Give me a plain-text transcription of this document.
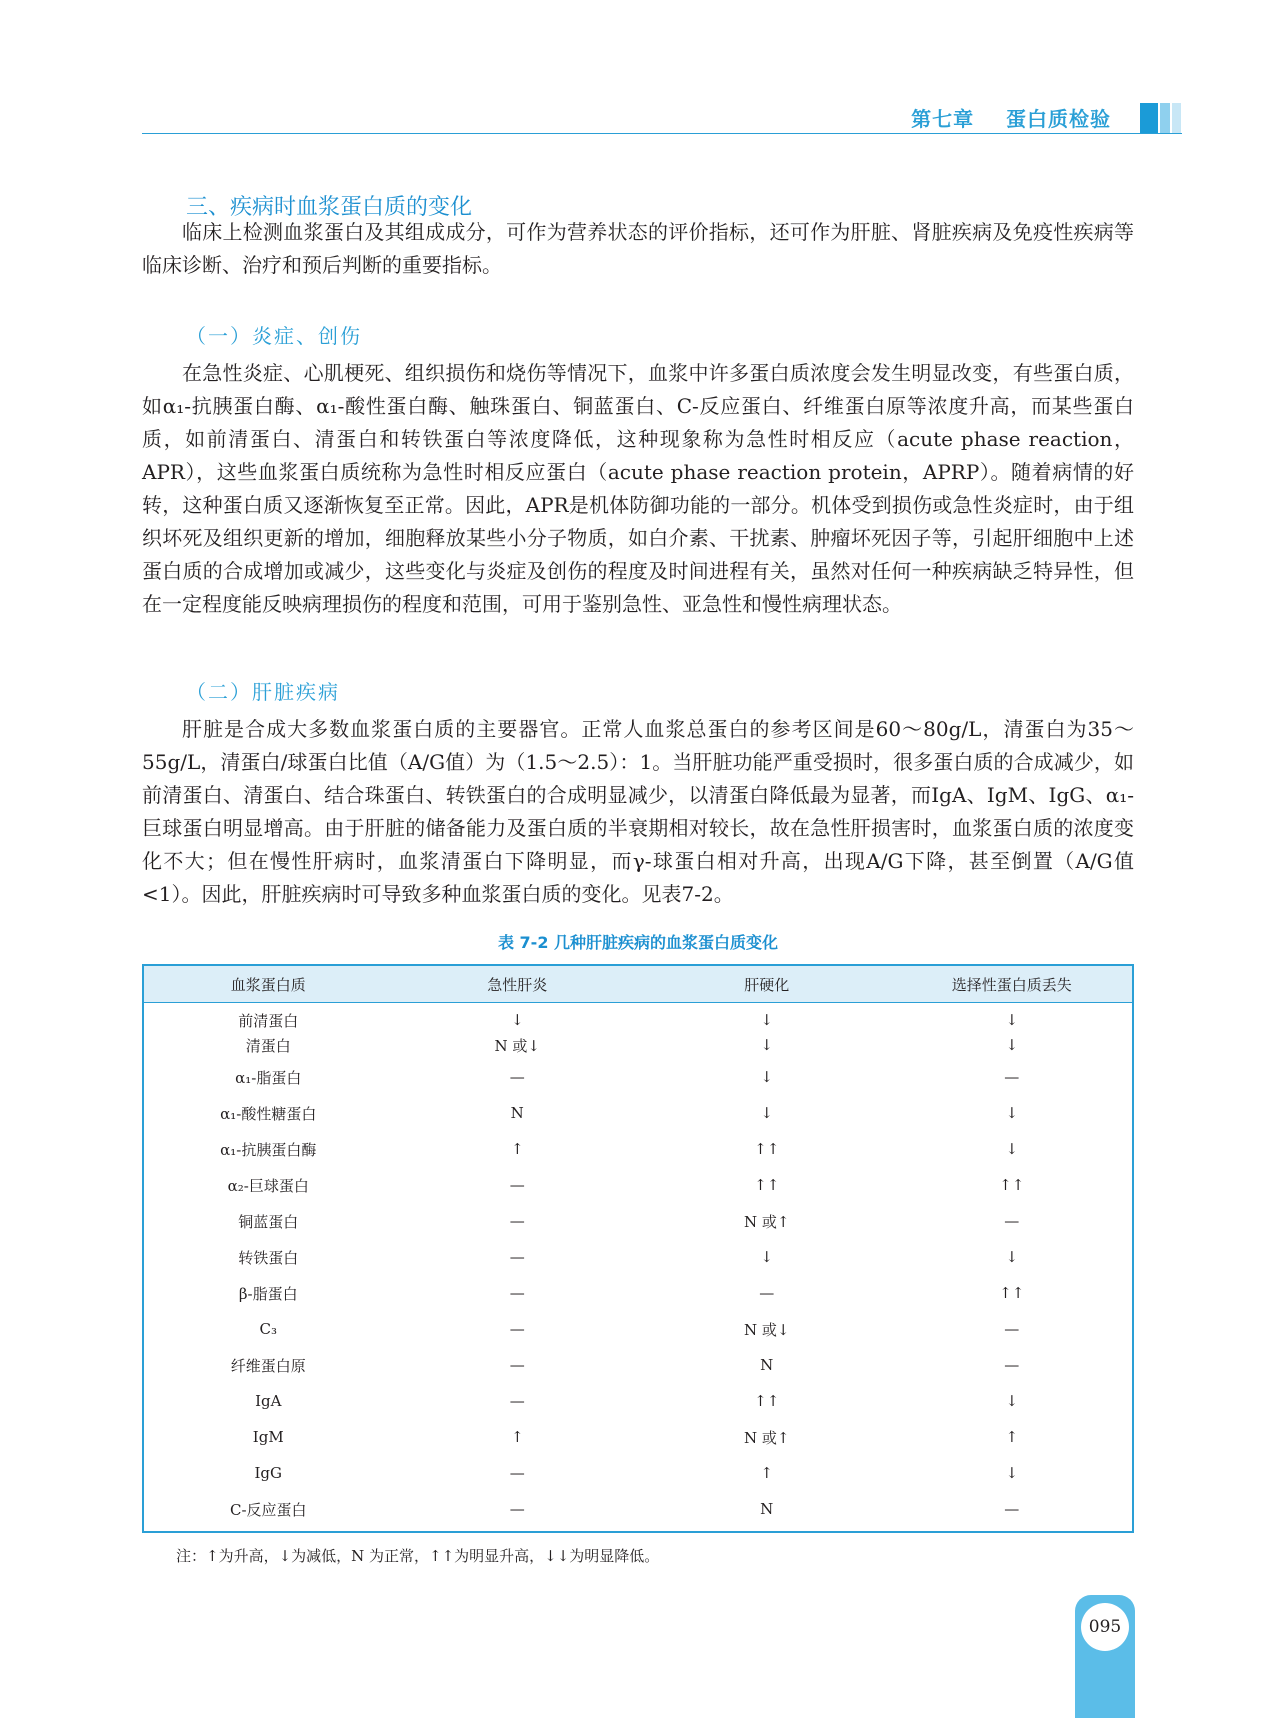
第七章    蛋白质检验
三、疾病时血浆蛋白质的变化

临床上检测血浆蛋白及其组成成分，可作为营养状态的评价指标，还可作为肝脏、肾脏疾病及免疫性疾病等临床诊断、治疗和预后判断的重要指标。

（一）炎症、创伤

在急性炎症、心肌梗死、组织损伤和烧伤等情况下，血浆中许多蛋白质浓度会发生明显改变，有些蛋白质，如α₁-抗胰蛋白酶、α₁-酸性蛋白酶、触珠蛋白、铜蓝蛋白、C-反应蛋白、纤维蛋白原等浓度升高，而某些蛋白质，如前清蛋白、清蛋白和转铁蛋白等浓度降低，这种现象称为急性时相反应（acute phase reaction，APR），这些血浆蛋白质统称为急性时相反应蛋白（acute phase reaction protein，APRP）。随着病情的好转，这种蛋白质又逐渐恢复至正常。因此，APR是机体防御功能的一部分。机体受到损伤或急性炎症时，由于组织坏死及组织更新的增加，细胞释放某些小分子物质，如白介素、干扰素、肿瘤坏死因子等，引起肝细胞中上述蛋白质的合成增加或减少，这些变化与炎症及创伤的程度及时间进程有关，虽然对任何一种疾病缺乏特异性，但在一定程度能反映病理损伤的程度和范围，可用于鉴别急性、亚急性和慢性病理状态。

（二）肝脏疾病

肝脏是合成大多数血浆蛋白质的主要器官。正常人血浆总蛋白的参考区间是60～80g/L，清蛋白为35～55g/L，清蛋白/球蛋白比值（A/G值）为（1.5～2.5）：1。当肝脏功能严重受损时，很多蛋白质的合成减少，如前清蛋白、清蛋白、结合珠蛋白、转铁蛋白的合成明显减少，以清蛋白降低最为显著，而IgA、IgM、IgG、α₁-巨球蛋白明显增高。由于肝脏的储备能力及蛋白质的半衰期相对较长，故在急性肝损害时，血浆蛋白质的浓度变化不大；但在慢性肝病时，血浆清蛋白下降明显，而γ-球蛋白相对升高，出现A/G下降，甚至倒置（A/G值<1）。因此，肝脏疾病时可导致多种血浆蛋白质的变化。见表7-2。

表 7-2 几种肝脏疾病的血浆蛋白质变化
血浆蛋白质	急性肝炎	肝硬化	选择性蛋白质丢失
前清蛋白	↓	↓	↓
清蛋白	N 或↓	↓	↓
α₁-脂蛋白	—	↓	—
α₁-酸性糖蛋白	N	↓	↓
α₁-抗胰蛋白酶	↑	↑↑	↓
α₂-巨球蛋白	—	↑↑	↑↑
铜蓝蛋白	—	N 或↑	—
转铁蛋白	—	↓	↓
β-脂蛋白	—	—	↑↑
C₃	—	N 或↓	—
纤维蛋白原	—	N	—
IgA	—	↑↑	↓
IgM	↑	N 或↑	↑
IgG	—	↑	↓
C-反应蛋白	—	N	—
注：↑为升高，↓为减低，N 为正常，↑↑为明显升高，↓↓为明显降低。
095
